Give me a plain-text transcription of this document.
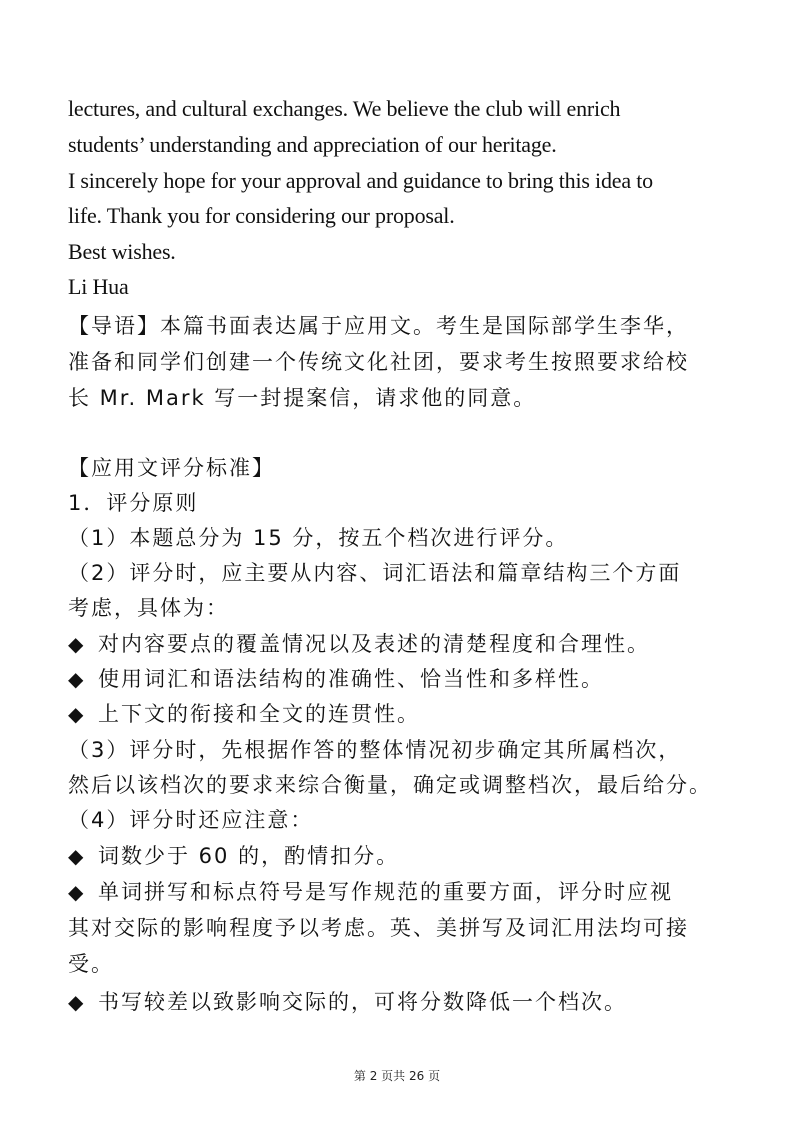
lectures, and cultural exchanges. We believe the club will enrich
students’ understanding and appreciation of our heritage.
I sincerely hope for your approval and guidance to bring this idea to
life. Thank you for considering our proposal.
Best wishes.
Li Hua
【导语】本篇书面表达属于应用文。考生是国际部学生李华，
准备和同学们创建一个传统文化社团，要求考生按照要求给校
长 Mr. Mark 写一封提案信，请求他的同意。
【应用文评分标准】
1．评分原则
（1）本题总分为 15 分，按五个档次进行评分。
（2）评分时，应主要从内容、词汇语法和篇章结构三个方面
考虑，具体为：
◆ 对内容要点的覆盖情况以及表述的清楚程度和合理性。
◆ 使用词汇和语法结构的准确性、恰当性和多样性。
◆ 上下文的衔接和全文的连贯性。
（3）评分时，先根据作答的整体情况初步确定其所属档次，
然后以该档次的要求来综合衡量，确定或调整档次，最后给分。
（4）评分时还应注意：
◆ 词数少于 60 的，酌情扣分。
◆ 单词拼写和标点符号是写作规范的重要方面，评分时应视
其对交际的影响程度予以考虑。英、美拼写及词汇用法均可接
受。
◆ 书写较差以致影响交际的，可将分数降低一个档次。
第 2 页共 26 页
